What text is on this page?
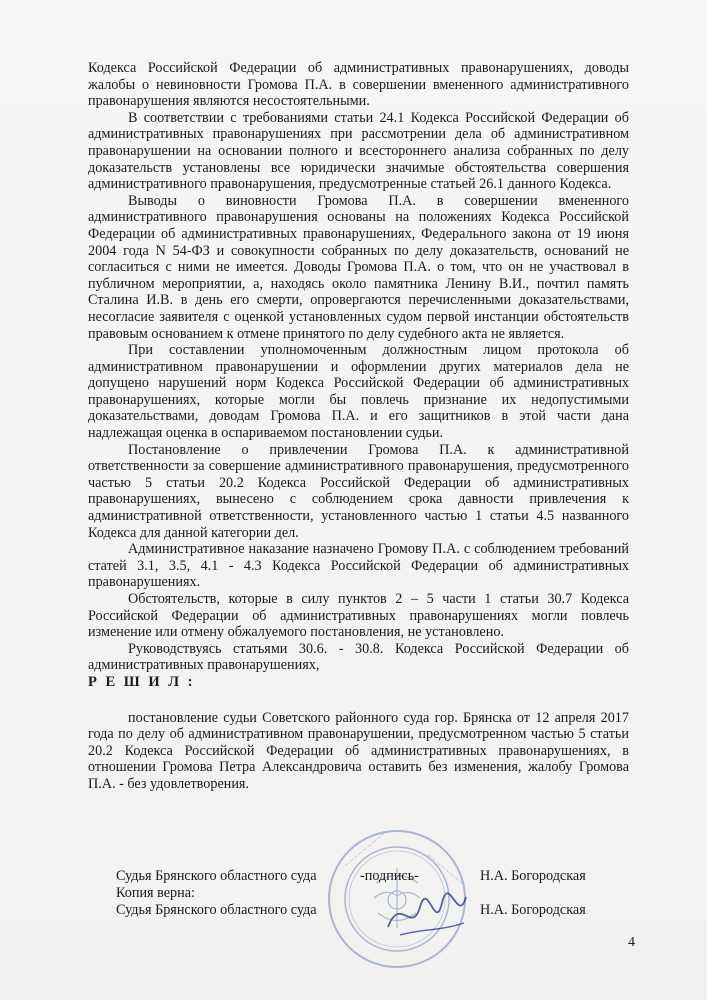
Кодекса Российской Федерации об административных правонарушениях, доводы жалобы о невиновности Громова П.А. в совершении вмененного административного правонарушения являются несостоятельными.

В соответствии с требованиями статьи 24.1 Кодекса Российской Федерации об административных правонарушениях при рассмотрении дела об административном правонарушении на основании полного и всестороннего анализа собранных по делу доказательств установлены все юридически значимые обстоятельства совершения административного правонарушения, предусмотренные статьей 26.1 данного Кодекса.

Выводы о виновности Громова П.А. в совершении вмененного административного правонарушения основаны на положениях Кодекса Российской Федерации об административных правонарушениях, Федерального закона от 19 июня 2004 года N 54-ФЗ и совокупности собранных по делу доказательств, оснований не согласиться с ними не имеется. Доводы Громова П.А. о том, что он не участвовал в публичном мероприятии, а, находясь около памятника Ленину В.И., почтил память Сталина И.В. в день его смерти, опровергаются перечисленными доказательствами, несогласие заявителя с оценкой установленных судом первой инстанции обстоятельств правовым основанием к отмене принятого по делу судебного акта не является.

При составлении уполномоченным должностным лицом протокола об административном правонарушении и оформлении других материалов дела не допущено нарушений норм Кодекса Российской Федерации об административных правонарушениях, которые могли бы повлечь признание их недопустимыми доказательствами, доводам Громова П.А. и его защитников в этой части дана надлежащая оценка в оспариваемом постановлении судьи.

Постановление о привлечении Громова П.А. к административной ответственности за совершение административного правонарушения, предусмотренного частью 5 статьи 20.2 Кодекса Российской Федерации об административных правонарушениях, вынесено с соблюдением срока давности привлечения к административной ответственности, установленного частью 1 статьи 4.5 названного Кодекса для данной категории дел.

Административное наказание назначено Громову П.А. с соблюдением требований статей 3.1, 3.5, 4.1 - 4.3 Кодекса Российской Федерации об административных правонарушениях.

Обстоятельств, которые в силу пунктов 2 – 5 части 1 статьи 30.7 Кодекса Российской Федерации об административных правонарушениях могли повлечь изменение или отмену обжалуемого постановления, не установлено.

Руководствуясь статьями 30.6. - 30.8. Кодекса Российской Федерации об административных правонарушениях,

Р Е Ш И Л :

постановление судьи Советского районного суда гор. Брянска от 12 апреля 2017 года по делу об административном правонарушении, предусмотренном частью 5 статьи 20.2 Кодекса Российской Федерации об административных правонарушениях, в отношении Громова Петра Александровича оставить без изменения, жалобу Громова П.А. - без удовлетворения.

~~~~~~~~~
~~~~~~~~
Судья Брянского областного суда	-подпись-	Н.А. Богородская
Копия верна:
Судья Брянского областного суда	Н.А. Богородская
4
